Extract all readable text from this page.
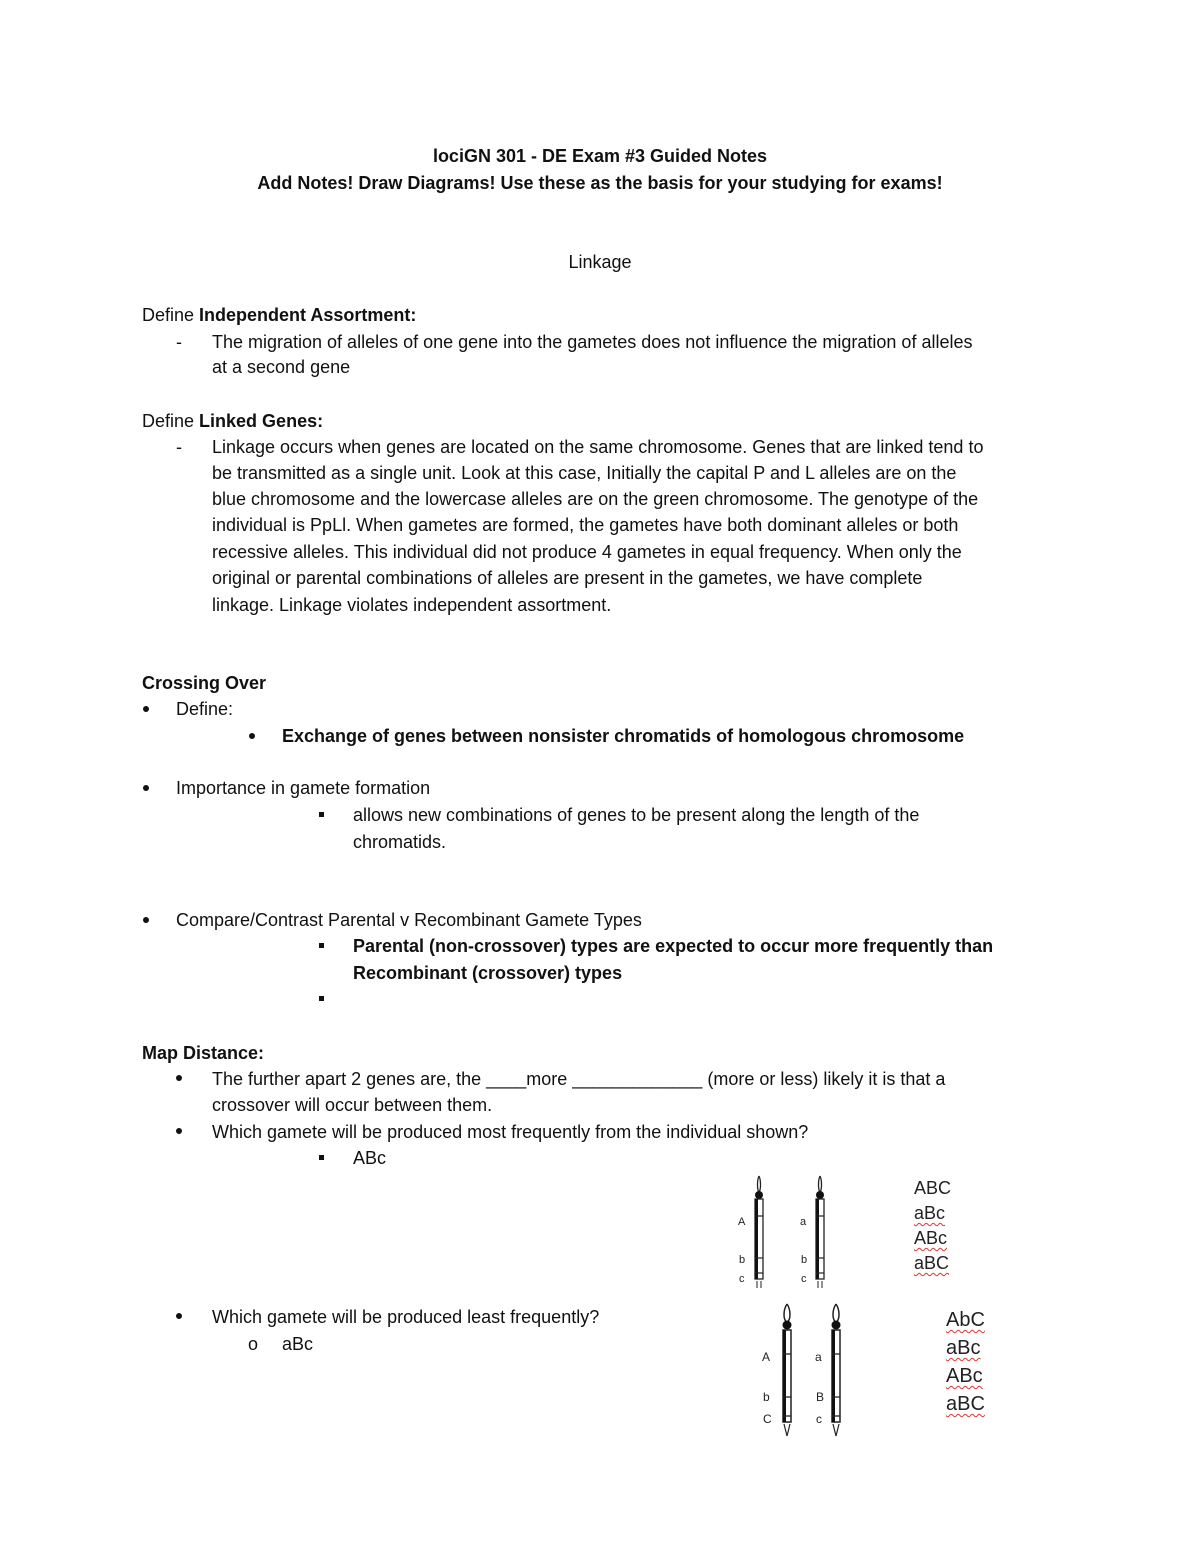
lociGN 301 - DE Exam #3 Guided Notes
Add Notes! Draw Diagrams! Use these as the basis for your studying for exams!
Linkage
Define Independent Assortment:
- The migration of alleles of one gene into the gametes does not influence the migration of alleles
at a second gene
Define Linked Genes:
- Linkage occurs when genes are located on the same chromosome. Genes that are linked tend to
be transmitted as a single unit. Look at this case, Initially the capital P and L alleles are on the
blue chromosome and the lowercase alleles are on the green chromosome. The genotype of the
individual is PpLl. When gametes are formed, the gametes have both dominant alleles or both
recessive alleles. This individual did not produce 4 gametes in equal frequency. When only the
original or parental combinations of alleles are present in the gametes, we have complete
linkage. Linkage violates independent assortment.
Crossing Over
Define:
Exchange of genes between nonsister chromatids of homologous chromosome
Importance in gamete formation
allows new combinations of genes to be present along the length of the
chromatids.
Compare/Contrast Parental v Recombinant Gamete Types
Parental (non-crossover) types are expected to occur more frequently than
Recombinant (crossover) types
Map Distance:
The further apart 2 genes are, the ____more _____________ (more or less) likely it is that a
crossover will occur between them.
Which gamete will be produced most frequently from the individual shown?
ABc
Which gamete will be produced least frequently?
o aBc
A
b
c
a
b
c
ABC
aBc
ABc
aBC
A
b
C
a
B
c
AbC
aBc
ABc
aBC
